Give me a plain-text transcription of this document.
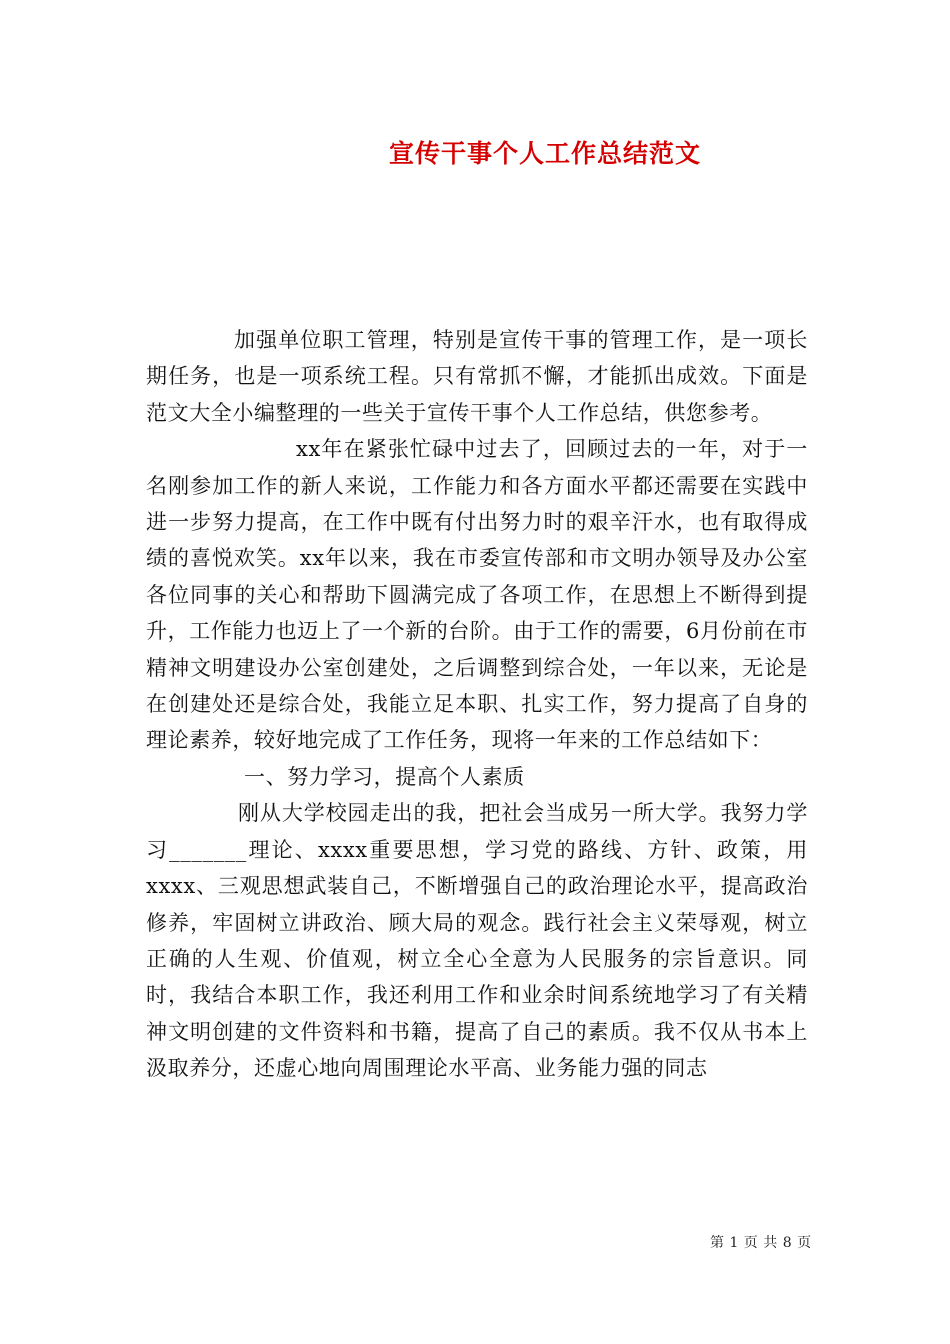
宣传干事个人工作总结范文

加强单位职工管理，特别是宣传干事的管理工作，是一项长期任务，也是一项系统工程。只有常抓不懈，才能抓出成效。下面是范文大全小编整理的一些关于宣传干事个人工作总结，供您参考。

xx年在紧张忙碌中过去了，回顾过去的一年，对于一名刚参加工作的新人来说，工作能力和各方面水平都还需要在实践中进一步努力提高，在工作中既有付出努力时的艰辛汗水，也有取得成绩的喜悦欢笑。xx年以来，我在市委宣传部和市文明办领导及办公室各位同事的关心和帮助下圆满完成了各项工作，在思想上不断得到提升，工作能力也迈上了一个新的台阶。由于工作的需要，6月份前在市精神文明建设办公室创建处，之后调整到综合处，一年以来，无论是在创建处还是综合处，我能立足本职、扎实工作，努力提高了自身的理论素养，较好地完成了工作任务，现将一年来的工作总结如下：

一、努力学习，提高个人素质

刚从大学校园走出的我，把社会当成另一所大学。我努力学习_______理论、xxxx重要思想，学习党的路线、方针、政策，用xxxx、三观思想武装自己，不断增强自己的政治理论水平，提高政治修养，牢固树立讲政治、顾大局的观念。践行社会主义荣辱观，树立正确的人生观、价值观，树立全心全意为人民服务的宗旨意识。同时，我结合本职工作，我还利用工作和业余时间系统地学习了有关精神文明创建的文件资料和书籍，提高了自己的素质。我不仅从书本上汲取养分，还虚心地向周围理论水平高、业务能力强的同志

第 1 页 共 8 页
